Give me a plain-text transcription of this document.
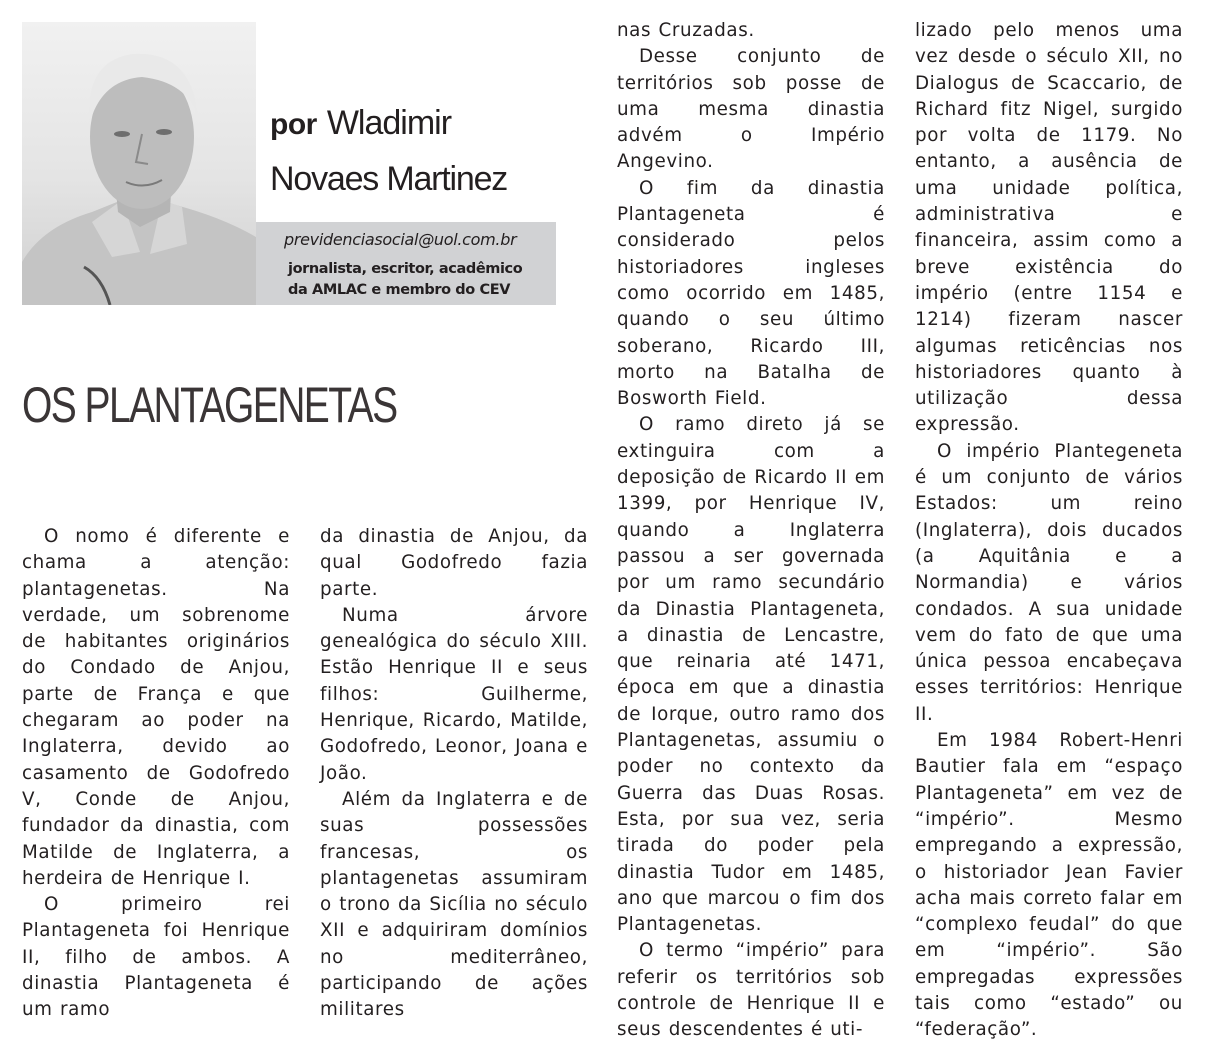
por Wladimir
Novaes Martinez
previdenciasocial@uol.com.br
jornalista, escritor, acadêmico
da AMLAC e membro do CEV
OS PLANTAGENETAS

O nomo é diferente e chama a atenção: plantagenetas. Na verdade, um sobrenome de habitantes originários do Condado de Anjou, parte de França e que chegaram ao poder na Inglaterra, devido ao casamento de Godofredo V, Conde de Anjou, fundador da dinastia, com Matilde de Inglaterra, a herdeira de Henrique I.

O primeiro rei Plantageneta foi Henrique II, filho de ambos. A dinastia Plantageneta é um ramo

da dinastia de Anjou, da qual Godofredo fazia parte.

Numa árvore genealógica do século XIII. Estão Henrique II e seus filhos: Guilherme, Henrique, Ricardo, Matilde, Godofredo, Leonor, Joana e João.

Além da Inglaterra e de suas possessões francesas, os plantagenetas assumiram o trono da Sicília no século XII e adquiriram domínios no mediterrâneo, participando de ações militares

nas Cruzadas.

Desse conjunto de territórios sob posse de uma mesma dinastia advém o Império Angevino.

O fim da dinastia Plantageneta é considerado pelos historiadores ingleses como ocorrido em 1485, quando o seu último soberano, Ricardo III, morto na Batalha de Bosworth Field.

O ramo direto já se extinguira com a deposição de Ricardo II em 1399, por Henrique IV, quando a Inglaterra passou a ser governada por um ramo secundário da Dinastia Plantageneta, a dinastia de Lencastre, que reinaria até 1471, época em que a dinastia de Iorque, outro ramo dos Plantagenetas, assumiu o poder no contexto da Guerra das Duas Rosas. Esta, por sua vez, seria tirada do poder pela dinastia Tudor em 1485, ano que marcou o fim dos Plantagenetas.

O termo “império” para referir os territórios sob controle de Henrique II e seus descendentes é uti-

lizado pelo menos uma vez desde o século XII, no Dialogus de Scaccario, de Richard fitz Nigel, surgido por volta de 1179. No entanto, a ausência de uma unidade política, administrativa e financeira, assim como a breve existência do império (entre 1154 e 1214) fizeram nascer algumas reticências nos historiadores quanto à utilização dessa expressão.

O império Plantegeneta é um conjunto de vários Estados: um reino (Inglaterra), dois ducados (a Aquitânia e a Normandia) e vários condados. A sua unidade vem do fato de que uma única pessoa encabeçava esses territórios: Henrique II.

Em 1984 Robert-Henri Bautier fala em “espaço Plantageneta” em vez de “império”. Mesmo empregando a expressão, o historiador Jean Favier acha mais correto falar em “complexo feudal” do que em “império”. São empregadas expressões tais como “estado” ou “federação”.
